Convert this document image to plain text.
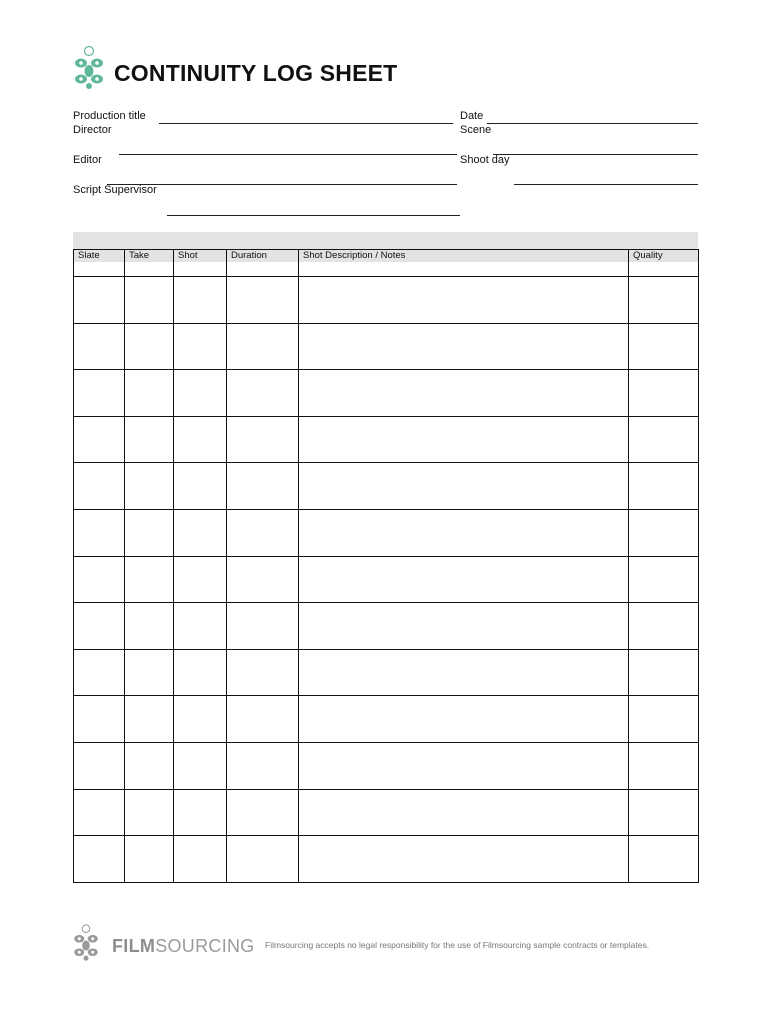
CONTINUITY LOG SHEET
Production title
Director
Date
Scene
Editor	Shoot day
Script Supervisor
Slate	Take	Shot	Duration	Shot Description / Notes	Quality

FILMSOURCING Filmsourcing accepts no legal responsibility for the use of Filmsourcing sample contracts or templates.
